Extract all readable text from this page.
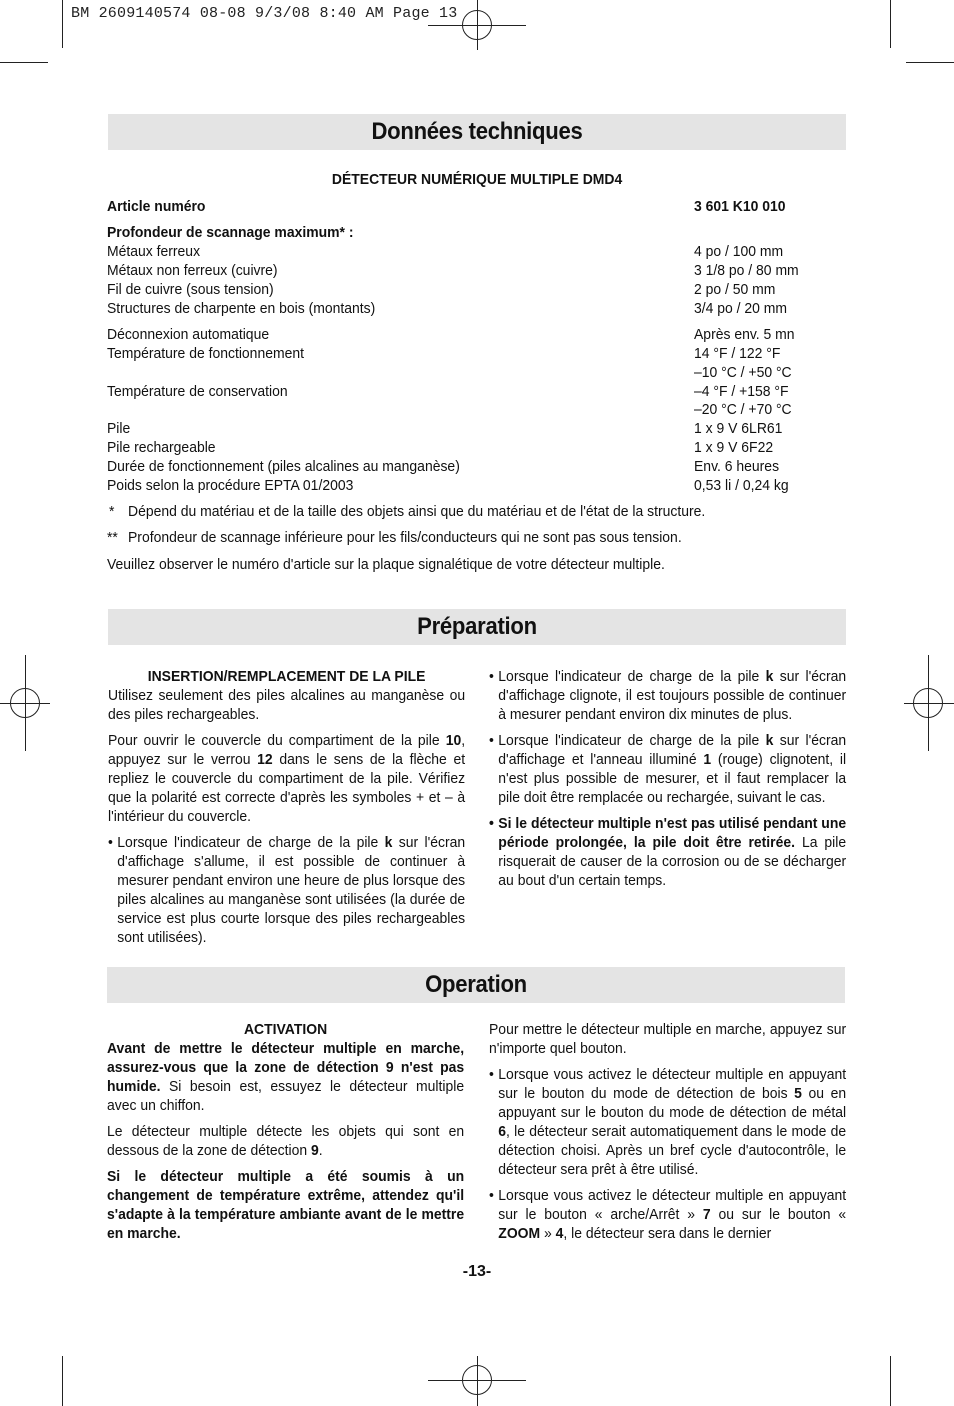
BM 2609140574 08-08 9/3/08 8:40 AM Page 13
Données techniques
DÉTECTEUR NUMÉRIQUE MULTIPLE DMD4
Article numéro	3 601 K10 010
Profondeur de scannage maximum* :
Métaux ferreux	4 po / 100 mm
Métaux non ferreux (cuivre)	3 1/8 po / 80 mm
Fil de cuivre (sous tension)	2 po / 50 mm
Structures de charpente en bois (montants)	3/4 po / 20 mm
Déconnexion automatique	Après env. 5 mn
Température de fonctionnement	14 °F / 122 °F
–10 °C / +50 °C
Température de conservation	–4 °F / +158 °F
–20 °C / +70 °C
Pile	1 x 9 V 6LR61
Pile rechargeable	1 x 9 V 6F22
Durée de fonctionnement (piles alcalines au manganèse)	Env. 6 heures
Poids selon la procédure EPTA 01/2003	0,53 li / 0,24 kg
* Dépend du matériau et de la taille des objets ainsi que du matériau et de l'état de la structure.
** Profondeur de scannage inférieure pour les fils/conducteurs qui ne sont pas sous tension.
Veuillez observer le numéro d'article sur la plaque signalétique de votre détecteur multiple.
Préparation

INSERTION/REMPLACEMENT DE LA PILE

Utilisez seulement des piles alcalines au manganèse ou des piles rechargeables.

Pour ouvrir le couvercle du compartiment de la pile 10, appuyez sur le verrou 12 dans le sens de la flèche et repliez le couvercle du compartiment de la pile. Vérifiez que la polarité est correcte d'après les symboles + et – à l'intérieur du couvercle.

• Lorsque l'indicateur de charge de la pile k sur l'écran d'affichage s'allume, il est possible de continuer à mesurer pendant environ une heure de plus lorsque des piles alcalines au manganèse sont utilisées (la durée de service est plus courte lorsque des piles rechargeables sont utilisées).
• Lorsque l'indicateur de charge de la pile k sur l'écran d'affichage clignote, il est toujours possible de continuer à mesurer pendant environ dix minutes de plus.
• Lorsque l'indicateur de charge de la pile k sur l'écran d'affichage et l'anneau illuminé 1 (rouge) clignotent, il n'est plus possible de mesurer, et il faut remplacer la pile doit être remplacée ou rechargée, suivant le cas.
• Si le détecteur multiple n'est pas utilisé pendant une période prolongée, la pile doit être retirée. La pile risquerait de causer de la corrosion ou de se décharger au bout d'un certain temps.
Operation

ACTIVATION

Avant de mettre le détecteur multiple en marche, assurez-vous que la zone de détection 9 n'est pas humide. Si besoin est, essuyez le détecteur multiple avec un chiffon.

Le détecteur multiple détecte les objets qui sont en dessous de la zone de détection 9.

Si le détecteur multiple a été soumis à un changement de température extrême, attendez qu'il s'adapte à la température ambiante avant de le mettre en marche.

Pour mettre le détecteur multiple en marche, appuyez sur n'importe quel bouton.

• Lorsque vous activez le détecteur multiple en appuyant sur le bouton du mode de détection de bois 5 ou en appuyant sur le bouton du mode de détection de métal 6, le détecteur serait automatiquement dans le mode de détection choisi. Après un bref cycle d'autocontrôle, le détecteur sera prêt à être utilisé.
• Lorsque vous activez le détecteur multiple en appuyant sur le bouton « arche/Arrêt » 7 ou sur le bouton « ZOOM » 4, le détecteur sera dans le dernier
-13-
